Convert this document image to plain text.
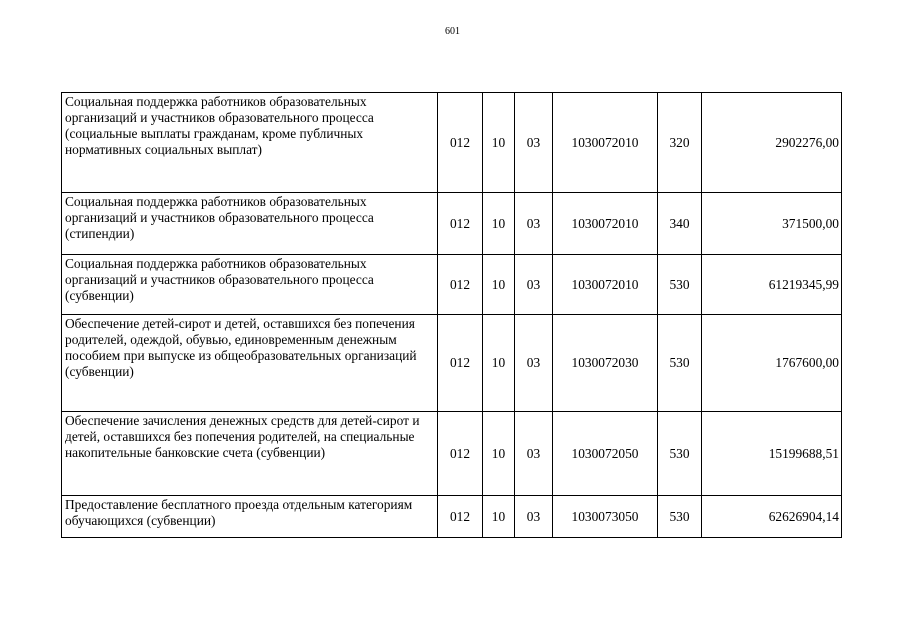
601
Социальная поддержка работников образовательных организаций и участников образовательного процесса (социальные выплаты гражданам, кроме публичных нормативных социальных выплат)	012	10	03	1030072010	320	2902276,00
Социальная поддержка работников образовательных организаций и участников образовательного процесса (стипендии)	012	10	03	1030072010	340	371500,00
Социальная поддержка работников образовательных организаций и участников образовательного процесса (субвенции)	012	10	03	1030072010	530	61219345,99
Обеспечение детей-сирот и детей, оставшихся без попечения родителей, одеждой, обувью, единовременным денежным пособием при выпуске из общеобразовательных организаций (субвенции)	012	10	03	1030072030	530	1767600,00
Обеспечение зачисления денежных средств для детей-сирот и детей, оставшихся без попечения родителей, на специальные накопительные банковские счета (субвенции)	012	10	03	1030072050	530	15199688,51
Предоставление бесплатного проезда отдельным категориям обучающихся (субвенции)	012	10	03	1030073050	530	62626904,14
